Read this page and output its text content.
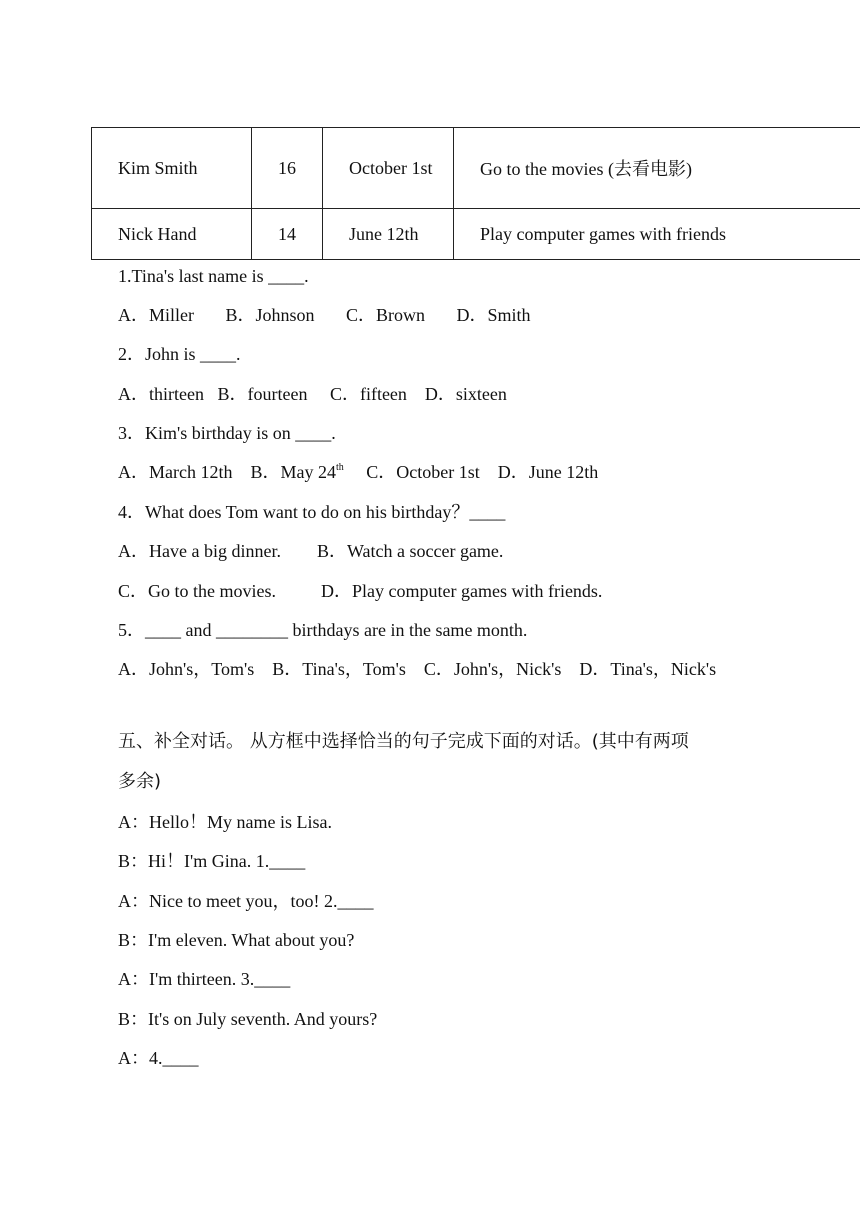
Kim Smith	16	October 1st	Go to the movies (去看电影)
Nick Hand	14	June 12th	Play computer games with friends
1.Tina's last name is ____.
A．Miller       B．Johnson       C．Brown       D．Smith
2．John is ____.
A．thirteen   B．fourteen     C．fifteen    D．sixteen
3．Kim's birthday is on ____.
A．March 12th    B．May 24th     C．October 1st    D．June 12th
4．What does Tom want to do on his birthday？____
A．Have a big dinner.        B．Watch a soccer game.
C．Go to the movies.          D．Play computer games with friends.
5．____ and ________ birthdays are in the same month.
A．John's，Tom's    B．Tina's，Tom's    C．John's，Nick's    D．Tina's，Nick's
五、补全对话。 从方框中选择恰当的句子完成下面的对话。(其中有两项
多余)
A：Hello！My name is Lisa.
B：Hi！I'm Gina. 1.____
A：Nice to meet you，too! 2.____
B：I'm eleven. What about you?
A：I'm thirteen. 3.____
B：It's on July seventh. And yours?
A：4.____
